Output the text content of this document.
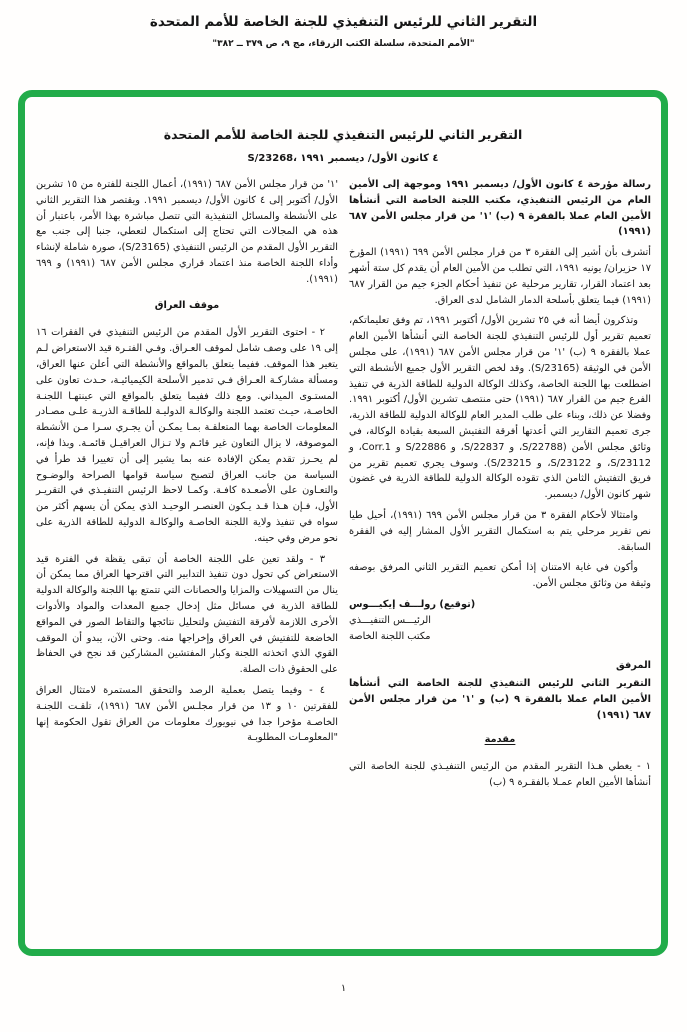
التقرير الثاني للرئيس التنفيذي للجنة الخاصة للأمم المتحدة
"الأمم المتحدة، سلسلة الكتب الزرقاء، مج ٩، ص ٣٧٩ ــ ٣٨٢"
التقرير الثاني للرئيس التنفيذي للجنة الخاصة للأمم المتحدة
S/23268، ٤ كانون الأول/ ديسمبر ١٩٩١

رسالة مؤرخة ٤ كانون الأول/ ديسمبر ١٩٩١ وموجهة إلى الأمين العام من الرئيس التنفيذي، مكتب اللجنة الخاصة التي أنشأها الأمين العام عملا بالفقرة ٩ (ب) '١' من قرار مجلس الأمن ٦٨٧ (١٩٩١)

أتشرف بأن أشير إلى الفقرة ٣ من قرار مجلس الأمن ٦٩٩ (١٩٩١) المؤرخ ١٧ حزيران/ يونيه ١٩٩١، التي تطلب من الأمين العام أن يقدم كل ستة أشهر بعد اعتماد القرار، تقارير مرحلية عن تنفيذ أحكام الجزء جيم من القرار ٦٨٧ (١٩٩١) فيما يتعلق بأسلحة الدمار الشامل لدى العراق.

وتذكرون أيضا أنه في ٢٥ تشرين الأول/ أكتوبر ١٩٩١، تم وفق تعليماتكم، تعميم تقرير أول للرئيس التنفيذي للجنة الخاصة التي أنشأها الأمين العام عملا بالفقرة ٩ (ب) '١' من قرار مجلس الأمن ٦٨٧ (١٩٩١)، على مجلس الأمن في الوثيقة (S/23165). وقد لخص التقرير الأول جميع الأنشطة التي اضطلعت بها اللجنة الخاصة، وكذلك الوكالة الدولية للطاقة الذرية في تنفيذ الفرع جيم من القرار ٦٨٧ (١٩٩١) حتى منتصف تشرين الأول/ أكتوبر ١٩٩١. وفضلا عن ذلك، وبناء على طلب المدير العام للوكالة الدولية للطاقة الذرية، جرى تعميم التقارير التي أعدتها أفرقة التفتيش السبعة بقيادة الوكالة، في وثائق مجلس الأمن (S/22788، و S/22837، و S/22886 و Corr.1، و S/23112، و S/23122، و S/23215). وسوف يجري تعميم تقرير من فريق التفتيش الثامن الذي تقوده الوكالة الدولية للطاقة الذرية في غضون شهر كانون الأول/ ديسمبر.

وامتثالا لأحكام الفقرة ٣ من قرار مجلس الأمن ٦٩٩ (١٩٩١)، أحيل طيا نص تقرير مرحلي يتم به استكمال التقرير الأول المشار إليه في الفقرة السابقة.

وأكون في غاية الامتنان إذا أمكن تعميم التقرير الثاني المرفق بوصفه وثيقة من وثائق مجلس الأمن.

(توقيع) رولـــف إيكيـــوس
الرئيـــس التنفيـــذي
مكتب اللجنة الخاصة
المرفق

التقرير الثاني للرئيس التنفيذي للجنة الخاصة التي أنشأها الأمين العام عملا بالفقرة ٩ (ب) و '١' من قرار مجلس الأمن ٦٨٧ (١٩٩١)

مقدمة

١ - يغطي هـذا التقرير المقدم من الرئيس التنفيـذي للجنة الخاصة التي أنشأها الأمين العام عمـلا بالفقـرة ٩ (ب)

'١' من قرار مجلس الأمن ٦٨٧ (١٩٩١)، أعمال اللجنة للفترة من ١٥ تشرين الأول/ أكتوبر إلى ٤ كانون الأول/ ديسمبر ١٩٩١. ويقتصر هذا التقرير الثاني على الأنشطة والمسائل التنفيذية التي تتصل مباشرة بهذا الأمر، باعتبار أن هذه هي المجالات التي تحتاج إلى استكمال لتعطي، جنبا إلى جنب مع التقرير الأول المقدم من الرئيس التنفيذي (S/23165)، صورة شاملة لإنشاء وأداء اللجنة الخاصة منذ اعتماد قراري مجلس الأمن ٦٨٧ (١٩٩١) و ٦٩٩ (١٩٩١).

موقف العراق

٢ - احتوى التقرير الأول المقدم من الرئيس التنفيذي في الفقرات ١٦ إلى ١٩ على وصف شامل لموقف العـراق. وفـي الفتـرة قيد الاستعراض لـم يتغير هذا الموقف. ففيما يتعلق بالمواقع والأنشطة التي أعلن عنها العراق، ومسألة مشاركـة العـراق فـي تدمير الأسلحة الكيميائيـة، حـدث تعاون على المستـوى الميداني. ومع ذلك ففيما يتعلق بالمواقع التي عينتهـا اللجنـة الخاصـة، حيـث تعتمد اللجنة والوكالـة الدوليـة للطاقـة الذريـة علـى مصـادر المعلومات الخاصة بهما المتعلقـة بمـا يمكـن أن يجـري سـرا مـن الأنشطة الموصوفة، لا يزال التعاون غير قائـم ولا تـزال العراقيـل قائمـة. وبذا فإنه، لم يحـرز تقدم يمكن الإفادة عنه بما يشير إلى أن تغييرا قد طرأ في السياسة من جانب العراق لتصبح سياسة قوامها الصراحة والوضـوح والتعـاون على الأصعـدة كافـة. وكمـا لاحظ الرئيس التنفيـذي في التقريـر الأول، فـإن هـذا قـد يـكون العنصـر الوحيـد الذي يمكن أن يسهم أكثر من سواه في تنفيذ ولاية اللجنة الخاصـة والوكالـة الدولية للطاقة الذرية على نحو مرض وفي حينه.

٣ - ولقد تعين على اللجنة الخاصة أن تبقى يقظة في الفترة قيد الاستعراض كي تحول دون تنفيذ التدابير التي اقترحها العراق مما يمكن أن ينال من التسهيلات والمزايا والحصانات التي تتمتع بها اللجنة والوكالة الدولية للطاقة الذرية في مسائل مثل إدخال جميع المعدات والمواد والأدوات الأخرى اللازمة لأفرقة التفتيش ولتحليل نتائجها والتقاط الصور في المواقع الخاضعة للتفتيش في العراق وإخراجها منه. وحتى الآن، يبدو أن الموقف القوي الذي اتخذته اللجنة وكبار المفتشين المشاركين قد نجح في الحفاظ على الحقوق ذات الصلة.

٤ - وفيما يتصل بعملية الرصد والتحقق المستمرة لامتثال العراق للفقرتين ١٠ و ١٣ من قرار مجلـس الأمن ٦٨٧ (١٩٩١)، تلقـت اللجنـة الخاصـة مؤخرا جدا في نيويورك معلومات من العراق تقول الحكومة إنها "المعلومـات المطلوبـة

١
